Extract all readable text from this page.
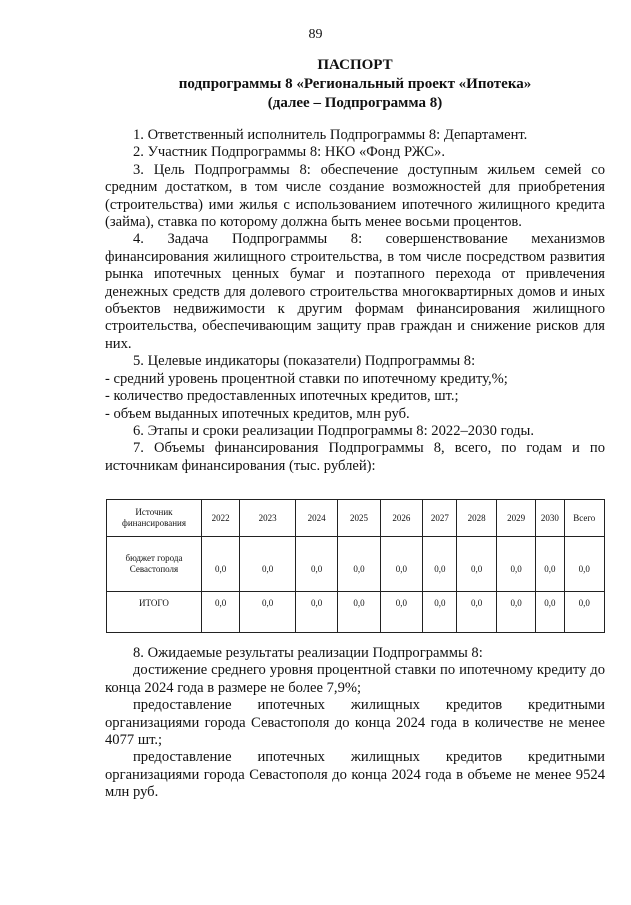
89
ПАСПОРТ
подпрограммы 8 «Региональный проект «Ипотека»
(далее – Подпрограмма 8)

1. Ответственный исполнитель Подпрограммы 8: Департамент.

2. Участник Подпрограммы 8: НКО «Фонд РЖС».

3. Цель Подпрограммы 8: обеспечение доступным жильем семей со средним достатком, в том числе создание возможностей для приобретения (строительства) ими жилья с использованием ипотечного жилищного кредита (займа), ставка по которому должна быть менее восьми процентов.

4. Задача Подпрограммы 8: совершенствование механизмов финансирования жилищного строительства, в том числе посредством развития рынка ипотечных ценных бумаг и поэтапного перехода от привлечения денежных средств для долевого строительства многоквартирных домов и иных объектов недвижимости к другим формам финансирования жилищного строительства, обеспечивающим защиту прав граждан и снижение рисков для них.

5. Целевые индикаторы (показатели) Подпрограммы 8:

- средний уровень процентной ставки по ипотечному кредиту,%;

- количество предоставленных ипотечных кредитов, шт.;

- объем выданных ипотечных кредитов, млн руб.

6. Этапы и сроки реализации Подпрограммы 8: 2022–2030 годы.

7. Объемы финансирования Подпрограммы 8, всего, по годам и по источникам финансирования (тыс. рублей):

Источник финансирования	2022	2023	2024	2025	2026	2027	2028	2029	2030	Всего
бюджет города Севастополя	0,0	0,0	0,0	0,0	0,0	0,0	0,0	0,0	0,0	0,0
ИТОГО	0,0	0,0	0,0	0,0	0,0	0,0	0,0	0,0	0,0	0,0

8. Ожидаемые результаты реализации Подпрограммы 8:

достижение среднего уровня процентной ставки по ипотечному кредиту до конца 2024 года в размере не более 7,9%;

предоставление ипотечных жилищных кредитов кредитными организациями города Севастополя до конца 2024 года в количестве не менее 4077 шт.;

предоставление ипотечных жилищных кредитов кредитными организациями города Севастополя до конца 2024 года в объеме не менее 9524 млн руб.
